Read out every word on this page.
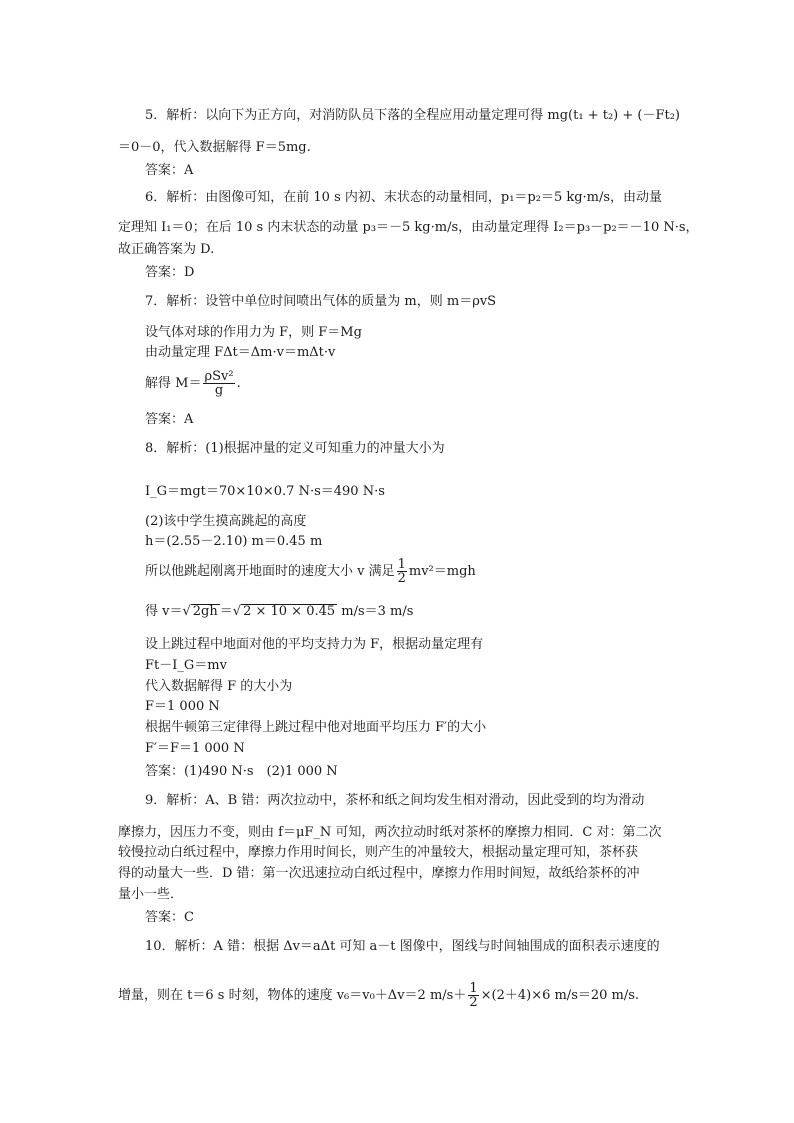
5．解析：以向下为正方向，对消防队员下落的全程应用动量定理可得 mg(t₁ + t₂) + (－Ft₂)
＝0－0，代入数据解得 F＝5mg.
答案：A
6．解析：由图像可知，在前 10 s 内初、末状态的动量相同，p₁＝p₂＝5 kg·m/s，由动量
定理知 I₁＝0；在后 10 s 内末状态的动量 p₃＝－5 kg·m/s，由动量定理得 I₂＝p₃－p₂＝－10 N·s，
故正确答案为 D.
答案：D
7．解析：设管中单位时间喷出气体的质量为 m，则 m＝ρvS
设气体对球的作用力为 F，则 F＝Mg
由动量定理 FΔt＝Δm·v＝mΔt·v
解得 $M= \frac{\text{ρSv²}}{g}$ .
答案：A
8．解析：(1)根据冲量的定义可知重力的冲量大小为
I_G＝mgt＝70×10×0.7 N·s＝490 N·s
(2)该中学生摸高跳起的高度
h＝(2.55－2.10) m＝0.45 m
所以他跳起刚离开地面时的速度大小 v 满足 $\frac{1}{2} mv^2=mgh$
得 v＝√ 2gh ＝√ 2 × 10 × 0.45 m/s＝3 m/s
设上跳过程中地面对他的平均支持力为 F，根据动量定理有
Ft－I_G＝mv
代入数据解得 F 的大小为
F＝1 000 N
根据牛顿第三定律得上跳过程中他对地面平均压力 F′的大小
F′＝F＝1 000 N
答案：(1)490 N·s　(2)1 000 N
9．解析：A、B 错：两次拉动中，茶杯和纸之间均发生相对滑动，因此受到的均为滑动
摩擦力，因压力不变，则由 f＝μF_N 可知，两次拉动时纸对茶杯的摩擦力相同．C 对：第二次
较慢拉动白纸过程中，摩擦力作用时间长，则产生的冲量较大，根据动量定理可知，茶杯获
得的动量大一些．D 错：第一次迅速拉动白纸过程中，摩擦力作用时间短，故纸给茶杯的冲
量小一些．
答案：C
10．解析：A 错：根据 Δv＝aΔt 可知 a－t 图像中，图线与时间轴围成的面积表示速度的
增量，则在 t＝6 s 时刻，物体的速度 v₆＝v₀＋Δv＝2 $m/s+ \frac{1}{2} \times(2+4)\times 6$ m/s＝20 m/s.
